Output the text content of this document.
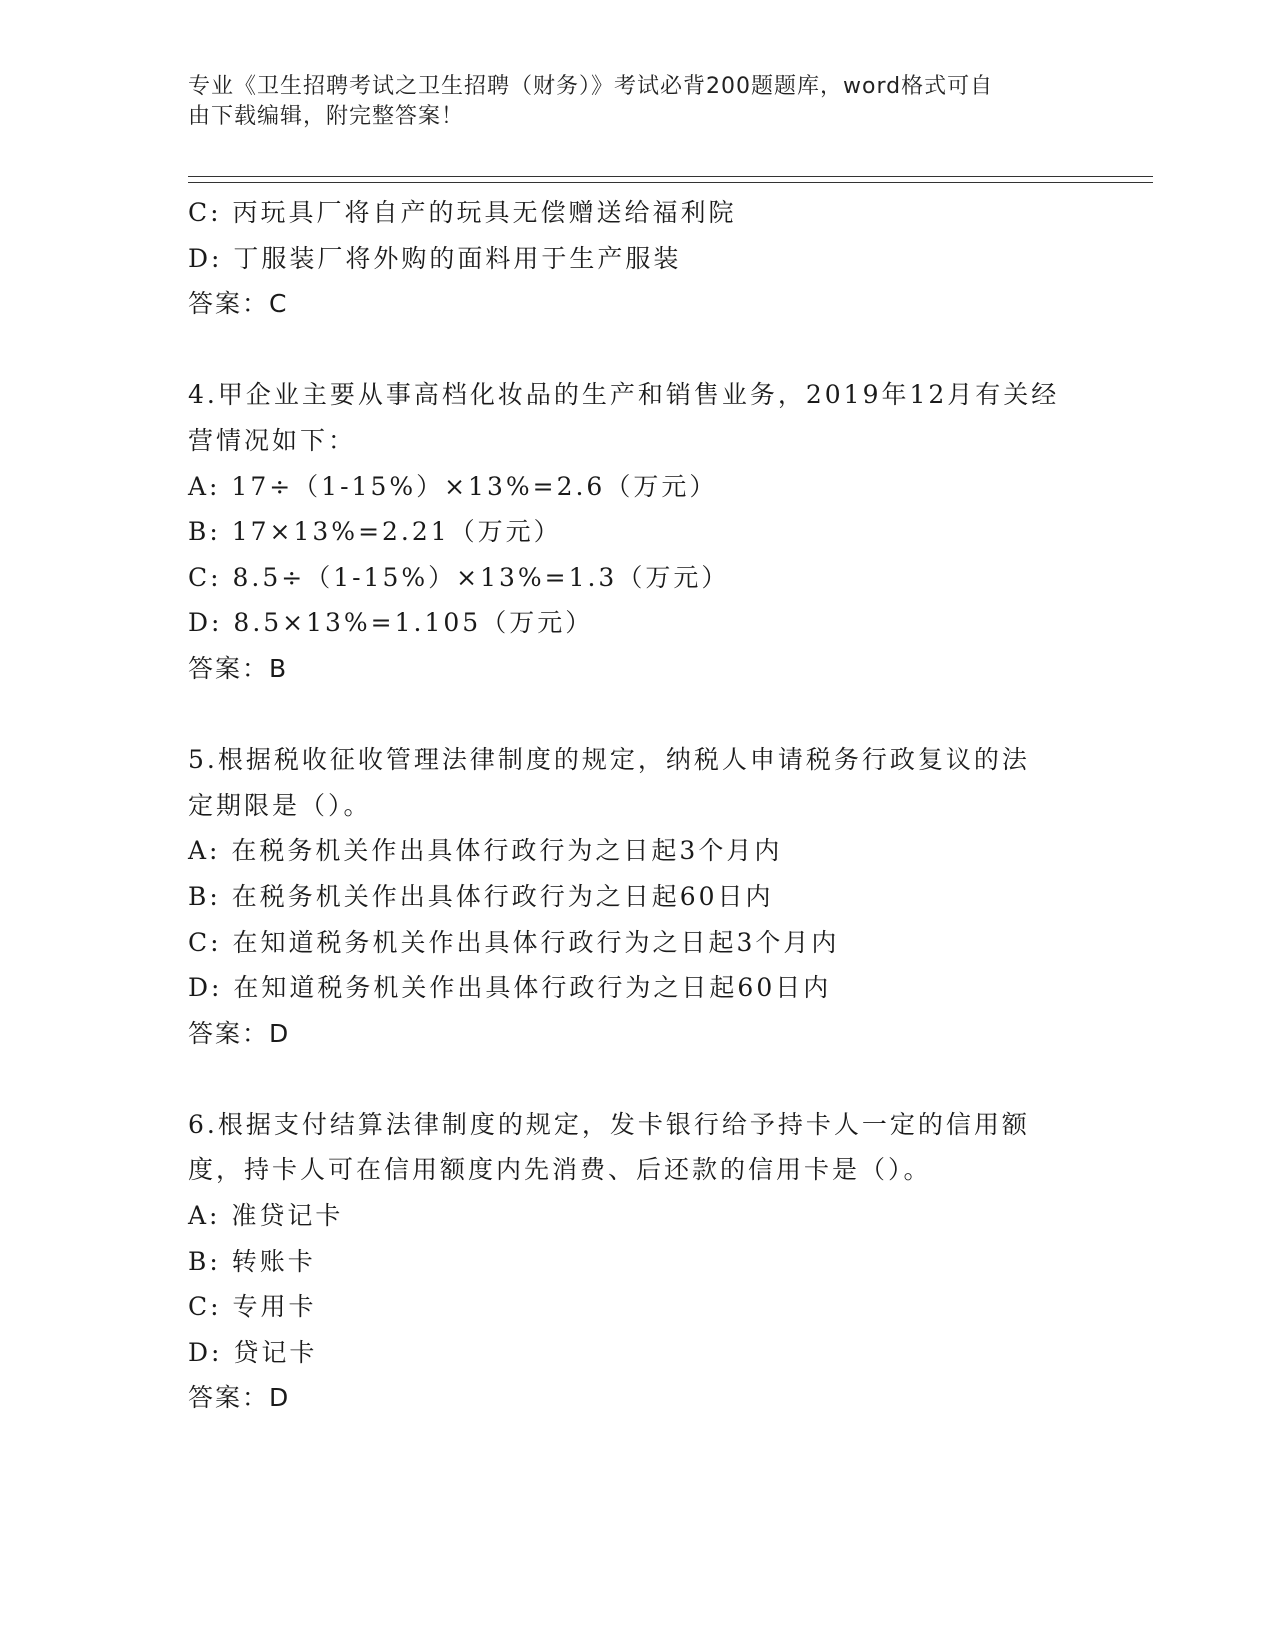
专业《卫生招聘考试之卫生招聘（财务）》考试必背200题题库，word格式可自
由下载编辑，附完整答案！
C: 丙玩具厂将自产的玩具无偿赠送给福利院
D: 丁服装厂将外购的面料用于生产服装
答案：C
4.甲企业主要从事高档化妆品的生产和销售业务，2019年12月有关经
营情况如下：
A: 17÷（1-15%）×13%=2.6（万元）
B: 17×13%=2.21（万元）
C: 8.5÷（1-15%）×13%=1.3（万元）
D: 8.5×13%=1.105（万元）
答案：B
5.根据税收征收管理法律制度的规定，纳税人申请税务行政复议的法
定期限是（）。
A: 在税务机关作出具体行政行为之日起3个月内
B: 在税务机关作出具体行政行为之日起60日内
C: 在知道税务机关作出具体行政行为之日起3个月内
D: 在知道税务机关作出具体行政行为之日起60日内
答案：D
6.根据支付结算法律制度的规定，发卡银行给予持卡人一定的信用额
度，持卡人可在信用额度内先消费、后还款的信用卡是（）。
A: 准贷记卡
B: 转账卡
C: 专用卡
D: 贷记卡
答案：D
